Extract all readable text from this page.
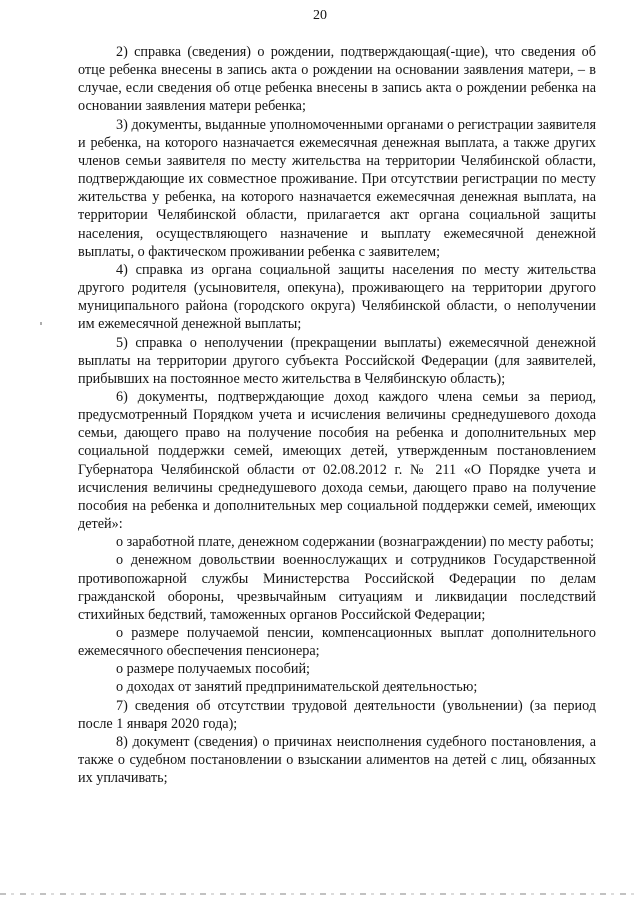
20

2) справка (сведения) о рождении, подтверждающая(-щие), что сведения об отце ребенка внесены в запись акта о рождении на основании заявления матери, – в случае, если сведения об отце ребенка внесены в запись акта о рождении ребенка на основании заявления матери ребенка;

3) документы, выданные уполномоченными органами о регистрации заявителя и ребенка, на которого назначается ежемесячная денежная выплата, а также других членов семьи заявителя по месту жительства на территории Челябинской области, подтверждающие их совместное проживание. При отсутствии регистрации по месту жительства у ребенка, на которого назначается ежемесячная денежная выплата, на территории Челябинской области, прилагается акт органа социальной защиты населения, осуществляющего назначение и выплату ежемесячной денежной выплаты, о фактическом проживании ребенка с заявителем;

4) справка из органа социальной защиты населения по месту жительства другого родителя (усыновителя, опекуна), проживающего на территории другого муниципального района (городского округа) Челябинской области, о неполучении им ежемесячной денежной выплаты;

5) справка о неполучении (прекращении выплаты) ежемесячной денежной выплаты на территории другого субъекта Российской Федерации (для заявителей, прибывших на постоянное место жительства в Челябинскую область);

6) документы, подтверждающие доход каждого члена семьи за период, предусмотренный Порядком учета и исчисления величины среднедушевого дохода семьи, дающего право на получение пособия на ребенка и дополнительных мер социальной поддержки семей, имеющих детей, утвержденным постановлением Губернатора Челябинской области от 02.08.2012 г. № 211 «О Порядке учета и исчисления величины среднедушевого дохода семьи, дающего право на получение пособия на ребенка и дополнительных мер социальной поддержки семей, имеющих детей»:

о заработной плате, денежном содержании (вознаграждении) по месту работы;

о денежном довольствии военнослужащих и сотрудников Государственной противопожарной службы Министерства Российской Федерации по делам гражданской обороны, чрезвычайным ситуациям и ликвидации последствий стихийных бедствий, таможенных органов Российской Федерации;

о размере получаемой пенсии, компенсационных выплат дополнительного ежемесячного обеспечения пенсионера;

о размере получаемых пособий;

о доходах от занятий предпринимательской деятельностью;

7) сведения об отсутствии трудовой деятельности (увольнении) (за период после 1 января 2020 года);

8) документ (сведения) о причинах неисполнения судебного постановления, а также о судебном постановлении о взыскании алиментов на детей с лиц, обязанных их уплачивать;
